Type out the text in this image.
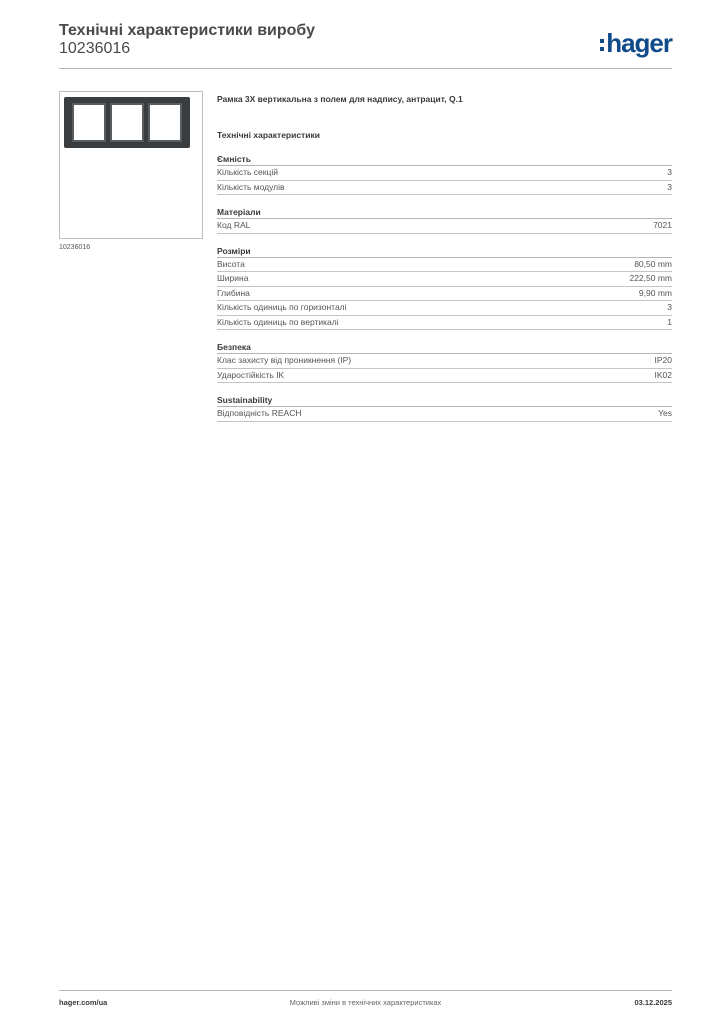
Технічні характеристики виробу
10236016	hager
10236016
Рамка 3Х вертикальна з полем для надпису, антрацит, Q.1
Технічні характеристики
Ємність
Кількість секцій	3
Кількість модулів	3
Матеріали
Код RAL	7021
Розміри
Висота	80,50 mm
Ширина	222,50 mm
Глибина	9,90 mm
Кількість одиниць по горизонталі	3
Кількість одиниць по вертикалі	1
Безпека
Клас захисту від проникнення (IP)	IP20
Ударостійкість IK	IK02
Sustainability
Відповідність REACH	Yes
hager.com/ua	Можливі зміни в технічних характеристиках	03.12.2025
